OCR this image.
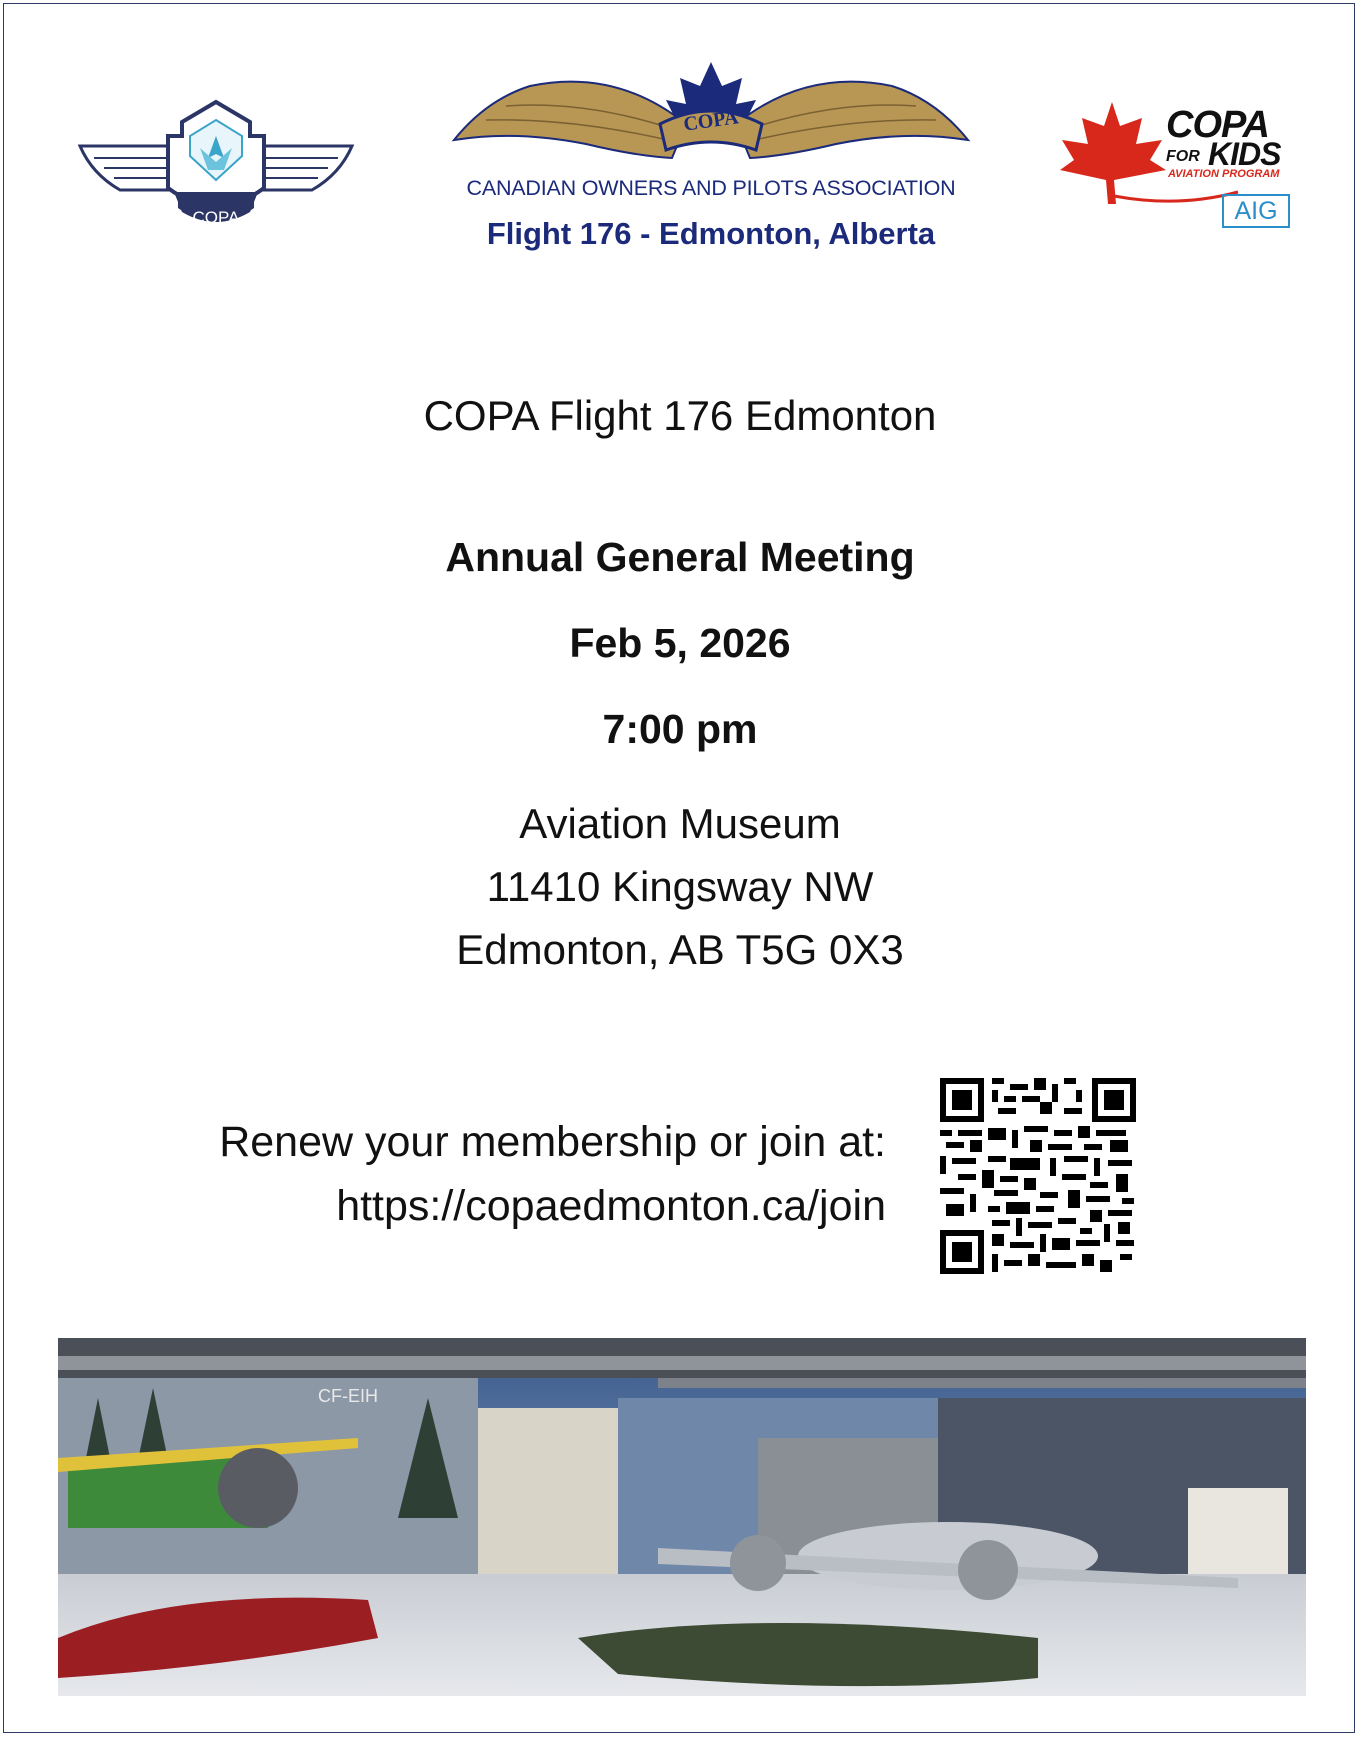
COPA
COPA
CANADIAN OWNERS AND PILOTS ASSOCIATION
Flight 176 - Edmonton, Alberta
COPA
FOR KIDS
AVIATION PROGRAM
AIG
COPA Flight 176 Edmonton
Annual General Meeting
Feb 5, 2026
7:00 pm
Aviation Museum
11410 Kingsway NW
Edmonton, AB T5G 0X3
Renew your membership or join at:
https://copaedmonton.ca/join
CF-EIH
